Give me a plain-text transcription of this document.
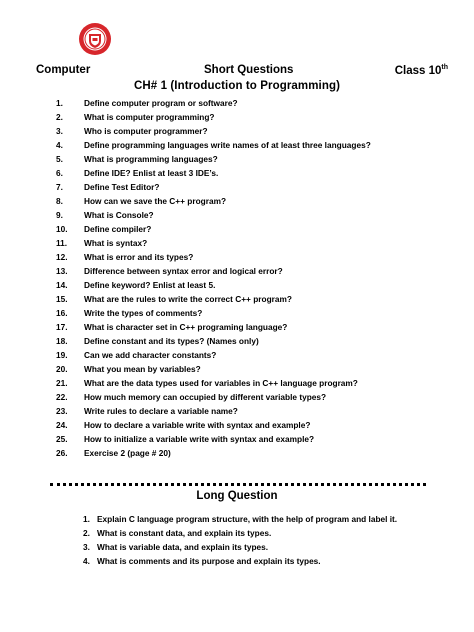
Computer	Short Questions	Class 10th
CH# 1 (Introduction to Programming)
1.	Define computer program or software?
2.	What is computer programming?
3.	Who is computer programmer?
4.	Define programming languages write names of at least three languages?
5.	What is programming languages?
6.	Define IDE? Enlist at least 3 IDE’s.
7.	Define Test Editor?
8.	How can we save the C++ program?
9.	What is Console?
10. Define compiler?
11. What is syntax?
12. What is error and its types?
13. Difference between syntax error and logical error?
14. Define keyword? Enlist at least 5.
15. What are the rules to write the correct C++ program?
16. Write the types of comments?
17. What is character set in C++ programing language?
18. Define constant and its types? (Names only)
19. Can we add character constants?
20. What you mean by variables?
21. What are the data types used for variables in C++ language program?
22. How much memory can occupied by different variable types?
23. Write rules to declare a variable name?
24. How to declare a variable write with syntax and example?
25. How to initialize a variable write with syntax and example?
26. Exercise 2 (page # 20)
Long Question
1. Explain C language program structure, with the help of program and label it.
2. What is constant data, and explain its types.
3. What is variable data, and explain its types.
4. What is comments and its purpose and explain its types.
